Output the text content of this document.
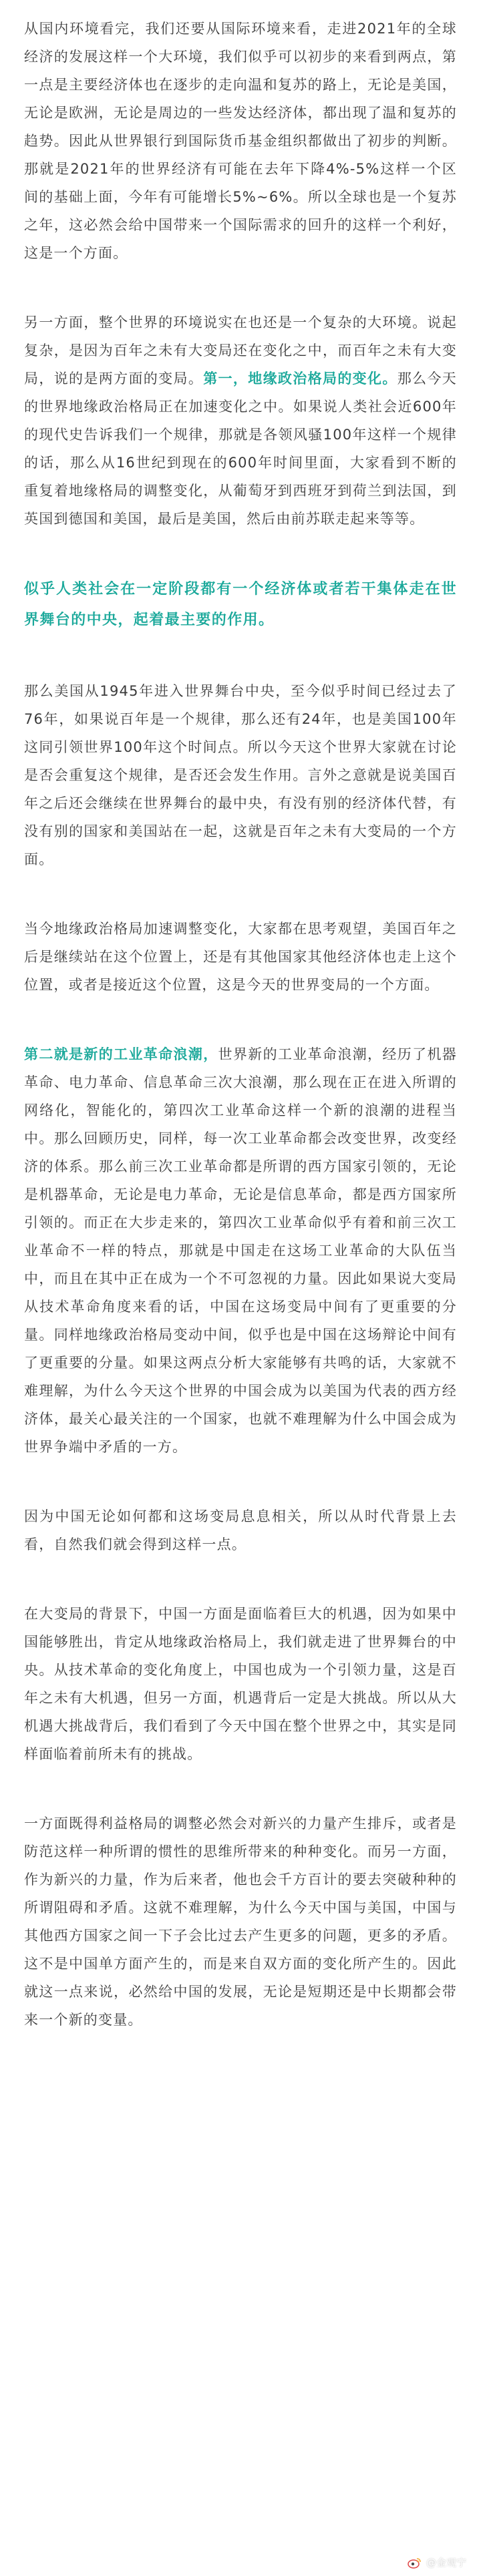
从国内环境看完，我们还要从国际环境来看，走进2021年的全球经济的发展这样一个大环境，我们似乎可以初步的来看到两点，第一点是主要经济体也在逐步的走向温和复苏的路上，无论是美国，无论是欧洲，无论是周边的一些发达经济体，都出现了温和复苏的趋势。因此从世界银行到国际货币基金组织都做出了初步的判断。那就是2021年的世界经济有可能在去年下降4%-5%这样一个区间的基础上面，今年有可能增长5%~6%。所以全球也是一个复苏之年，这必然会给中国带来一个国际需求的回升的这样一个利好，这是一个方面。

另一方面，整个世界的环境说实在也还是一个复杂的大环境。说起复杂，是因为百年之未有大变局还在变化之中，而百年之未有大变局，说的是两方面的变局。第一，地缘政治格局的变化。那么今天的世界地缘政治格局正在加速变化之中。如果说人类社会近600年的现代史告诉我们一个规律，那就是各领风骚100年这样一个规律的话，那么从16世纪到现在的600年时间里面，大家看到不断的重复着地缘格局的调整变化，从葡萄牙到西班牙到荷兰到法国，到英国到德国和美国，最后是美国，然后由前苏联走起来等等。

似乎人类社会在一定阶段都有一个经济体或者若干集体走在世界舞台的中央，起着最主要的作用。

那么美国从1945年进入世界舞台中央，至今似乎时间已经过去了76年，如果说百年是一个规律，那么还有24年，也是美国100年这同引领世界100年这个时间点。所以今天这个世界大家就在讨论是否会重复这个规律，是否还会发生作用。言外之意就是说美国百年之后还会继续在世界舞台的最中央，有没有别的经济体代替，有没有别的国家和美国站在一起，这就是百年之未有大变局的一个方面。

当今地缘政治格局加速调整变化，大家都在思考观望，美国百年之后是继续站在这个位置上，还是有其他国家其他经济体也走上这个位置，或者是接近这个位置，这是今天的世界变局的一个方面。

第二就是新的工业革命浪潮，世界新的工业革命浪潮，经历了机器革命、电力革命、信息革命三次大浪潮，那么现在正在进入所谓的网络化，智能化的，第四次工业革命这样一个新的浪潮的进程当中。那么回顾历史，同样，每一次工业革命都会改变世界，改变经济的体系。那么前三次工业革命都是所谓的西方国家引领的，无论是机器革命，无论是电力革命，无论是信息革命，都是西方国家所引领的。而正在大步走来的，第四次工业革命似乎有着和前三次工业革命不一样的特点，那就是中国走在这场工业革命的大队伍当中，而且在其中正在成为一个不可忽视的力量。因此如果说大变局从技术革命角度来看的话，中国在这场变局中间有了更重要的分量。同样地缘政治格局变动中间，似乎也是中国在这场辩论中间有了更重要的分量。如果这两点分析大家能够有共鸣的话，大家就不难理解，为什么今天这个世界的中国会成为以美国为代表的西方经济体，最关心最关注的一个国家，也就不难理解为什么中国会成为世界争端中矛盾的一方。

因为中国无论如何都和这场变局息息相关，所以从时代背景上去看，自然我们就会得到这样一点。

在大变局的背景下，中国一方面是面临着巨大的机遇，因为如果中国能够胜出，肯定从地缘政治格局上，我们就走进了世界舞台的中央。从技术革命的变化角度上，中国也成为一个引领力量，这是百年之未有大机遇，但另一方面，机遇背后一定是大挑战。所以从大机遇大挑战背后，我们看到了今天中国在整个世界之中，其实是同样面临着前所未有的挑战。

一方面既得利益格局的调整必然会对新兴的力量产生排斥，或者是防范这样一种所谓的惯性的思维所带来的种种变化。而另一方面，作为新兴的力量，作为后来者，他也会千方百计的要去突破种种的所谓阻碍和矛盾。这就不难理解，为什么今天中国与美国，中国与其他西方国家之间一下子会比过去产生更多的问题，更多的矛盾。这不是中国单方面产生的，而是来自双方面的变化所产生的。因此就这一点来说，必然给中国的发展，无论是短期还是中长期都会带来一个新的变量。

@金观宁
